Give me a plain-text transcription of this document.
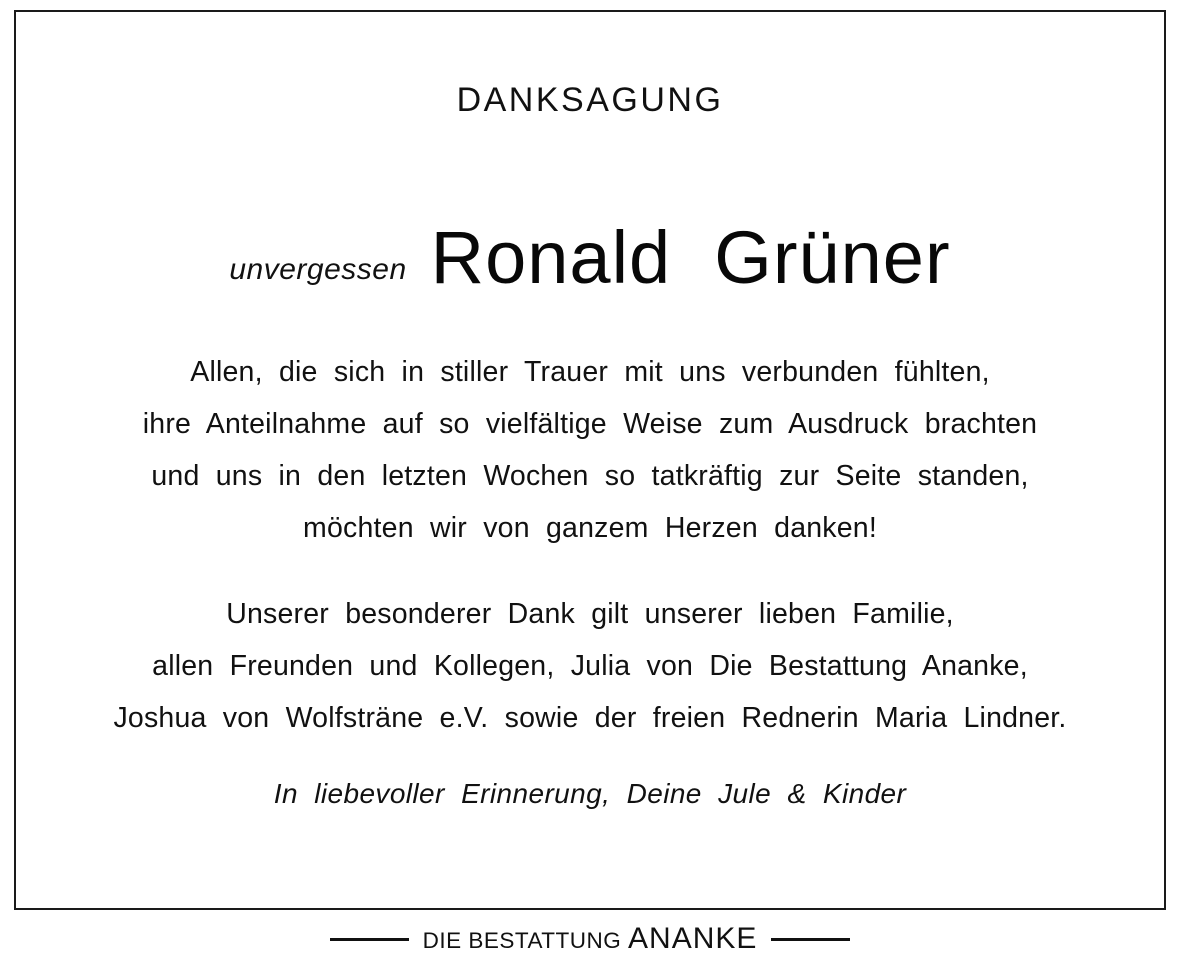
DANKSAGUNG
unvergessen Ronald  Grüner
Allen,  die  sich  in  stiller  Trauer  mit  uns  verbunden  fühlten,
ihre  Anteilnahme  auf  so  vielfältige  Weise  zum  Ausdruck  brachten
und  uns  in  den  letzten  Wochen  so  tatkräftig  zur  Seite  standen,
möchten  wir  von  ganzem  Herzen  danken!
Unserer  besonderer  Dank  gilt  unserer  lieben  Familie,
allen  Freunden  und  Kollegen,  Julia  von  Die  Bestattung  Ananke,
Joshua  von  Wolfsträne  e.V.  sowie  der  freien  Rednerin  Maria  Lindner.
In  liebevoller  Erinnerung,  Deine  Jule  &  Kinder
DIE BESTATTUNG ANANKE
